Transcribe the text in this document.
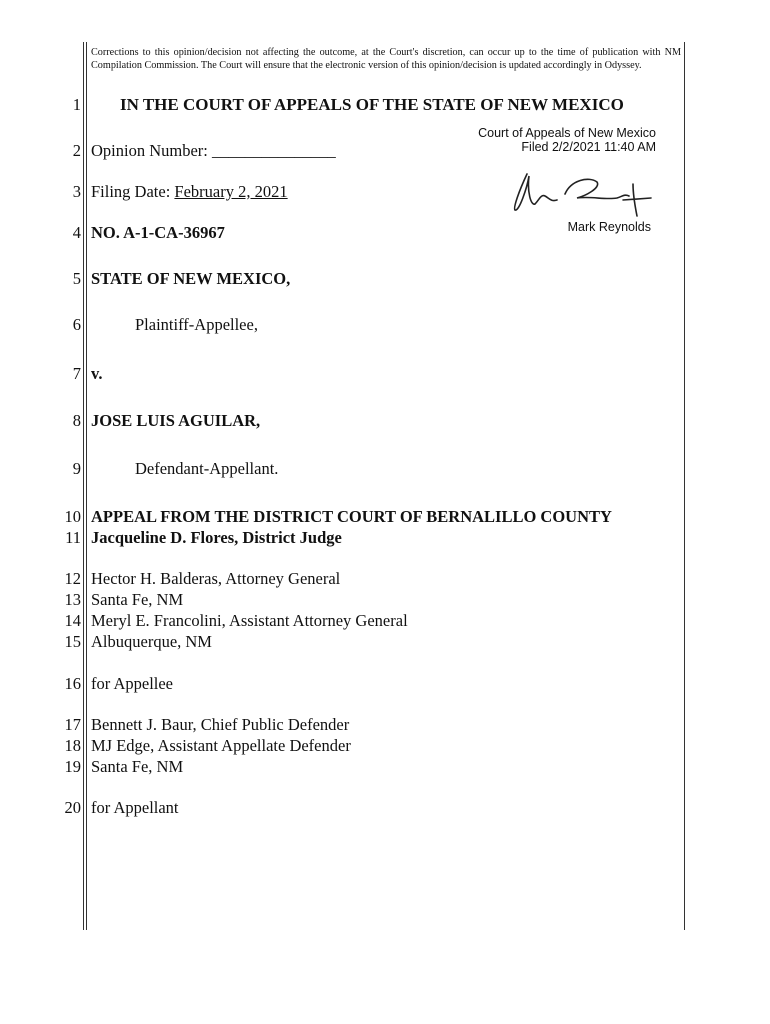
Corrections to this opinion/decision not affecting the outcome, at the Court's discretion, can occur up to the time of publication with NM Compilation Commission. The Court will ensure that the electronic version of this opinion/decision is updated accordingly in Odyssey.
1 IN THE COURT OF APPEALS OF THE STATE OF NEW MEXICO
Court of Appeals of New Mexico
Filed 2/2/2021 11:40 AM
Mark Reynolds
2 Opinion Number: _______________
3 Filing Date: February 2, 2021
4 NO. A-1-CA-36967
5 STATE OF NEW MEXICO,
6	Plaintiff-Appellee,
7 v.
8 JOSE LUIS AGUILAR,
9	Defendant-Appellant.
10 APPEAL FROM THE DISTRICT COURT OF BERNALILLO COUNTY
11 Jacqueline D. Flores, District Judge
12 Hector H. Balderas, Attorney General
13 Santa Fe, NM
14 Meryl E. Francolini, Assistant Attorney General
15 Albuquerque, NM
16 for Appellee
17 Bennett J. Baur, Chief Public Defender
18 MJ Edge, Assistant Appellate Defender
19 Santa Fe, NM
20 for Appellant
